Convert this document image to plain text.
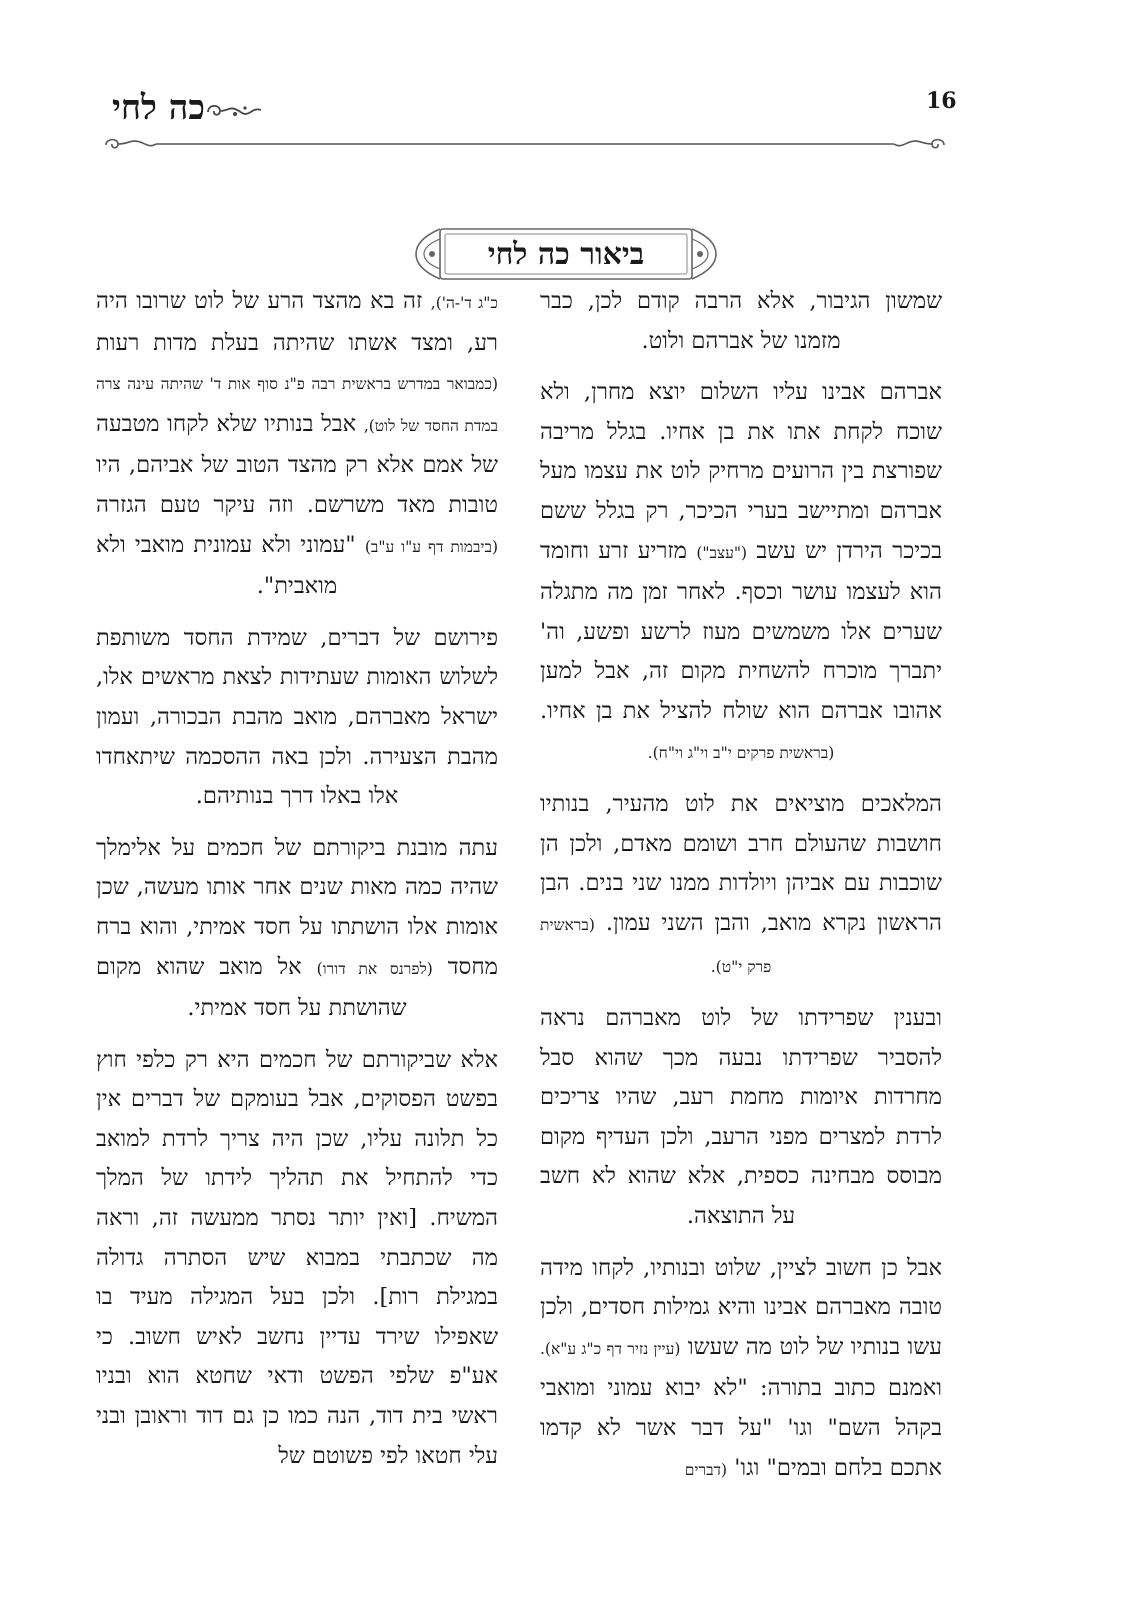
כה לחי	16
ביאור כה לחי

שמשון הגיבור, אלא הרבה קודם לכן, כבר מזמנו של אברהם ולוט.

אברהם אבינו עליו השלום יוצא מחרן, ולא שוכח לקחת אתו את בן אחיו. בגלל מריבה שפורצת בין הרועים מרחיק לוט את עצמו מעל אברהם ומתיישב בערי הכיכר, רק בגלל ששם בכיכר הירדן יש עשב ("עצב") מזריע זרע וחומד הוא לעצמו עושר וכסף. לאחר זמן מה מתגלה שערים אלו משמשים מעוז לרשע ופשע, וה' יתברך מוכרח להשחית מקום זה, אבל למען אהובו אברהם הוא שולח להציל את בן אחיו. (בראשית פרקים י"ב וי"ג וי"ח).

המלאכים מוציאים את לוט מהעיר, בנותיו חושבות שהעולם חרב ושומם מאדם, ולכן הן שוכבות עם אביהן ויולדות ממנו שני בנים. הבן הראשון נקרא מואב, והבן השני עמון. (בראשית פרק י"ט).

ובענין שפרידתו של לוט מאברהם נראה להסביר שפרידתו נבעה מכך שהוא סבל מחרדות איומות מחמת רעב, שהיו צריכים לרדת למצרים מפני הרעב, ולכן העדיף מקום מבוסס מבחינה כספית, אלא שהוא לא חשב על התוצאה.

אבל כן חשוב לציין, שלוט ובנותיו, לקחו מידה טובה מאברהם אבינו והיא גמילות חסדים, ולכן עשו בנותיו של לוט מה שעשו (עיין נזיר דף כ"ג ע"א). ואמנם כתוב בתורה: "לא יבוא עמוני ומואבי בקהל השם" וגו' "על דבר אשר לא קדמו אתכם בלחם ובמים" וגו' (דברים

כ"ג ד'-ה'), זה בא מהצד הרע של לוט שרובו היה רע, ומצד אשתו שהיתה בעלת מדות רעות (כמבואר במדרש בראשית רבה פ"נ סוף אות ד' שהיתה עינה צרה במדת החסד של לוט), אבל בנותיו שלא לקחו מטבעה של אמם אלא רק מהצד הטוב של אביהם, היו טובות מאד משרשם. וזה עיקר טעם הגזרה (ביבמות דף ע"ו ע"ב) "עמוני ולא עמונית מואבי ולא מואבית".

פירושם של דברים, שמידת החסד משותפת לשלוש האומות שעתידות לצאת מראשים אלו, ישראל מאברהם, מואב מהבת הבכורה, ועמון מהבת הצעירה. ולכן באה ההסכמה שיתאחדו אלו באלו דרך בנותיהם.

עתה מובנת ביקורתם של חכמים על אלימלך שהיה כמה מאות שנים אחר אותו מעשה, שכן אומות אלו הושתתו על חסד אמיתי, והוא ברח מחסד (לפרנס את דורו) אל מואב שהוא מקום שהושתת על חסד אמיתי.

אלא שביקורתם של חכמים היא רק כלפי חוץ בפשט הפסוקים, אבל בעומקם של דברים אין כל תלונה עליו, שכן היה צריך לרדת למואב כדי להתחיל את תהליך לידתו של המלך המשיח. [ואין יותר נסתר ממעשה זה, וראה מה שכתבתי במבוא שיש הסתרה גדולה במגילת רות]. ולכן בעל המגילה מעיד בו שאפילו שירד עדיין נחשב לאיש חשוב. כי אע"פ שלפי הפשט ודאי שחטא הוא ובניו ראשי בית דוד, הנה כמו כן גם דוד וראובן ובני עלי חטאו לפי פשוטם של
